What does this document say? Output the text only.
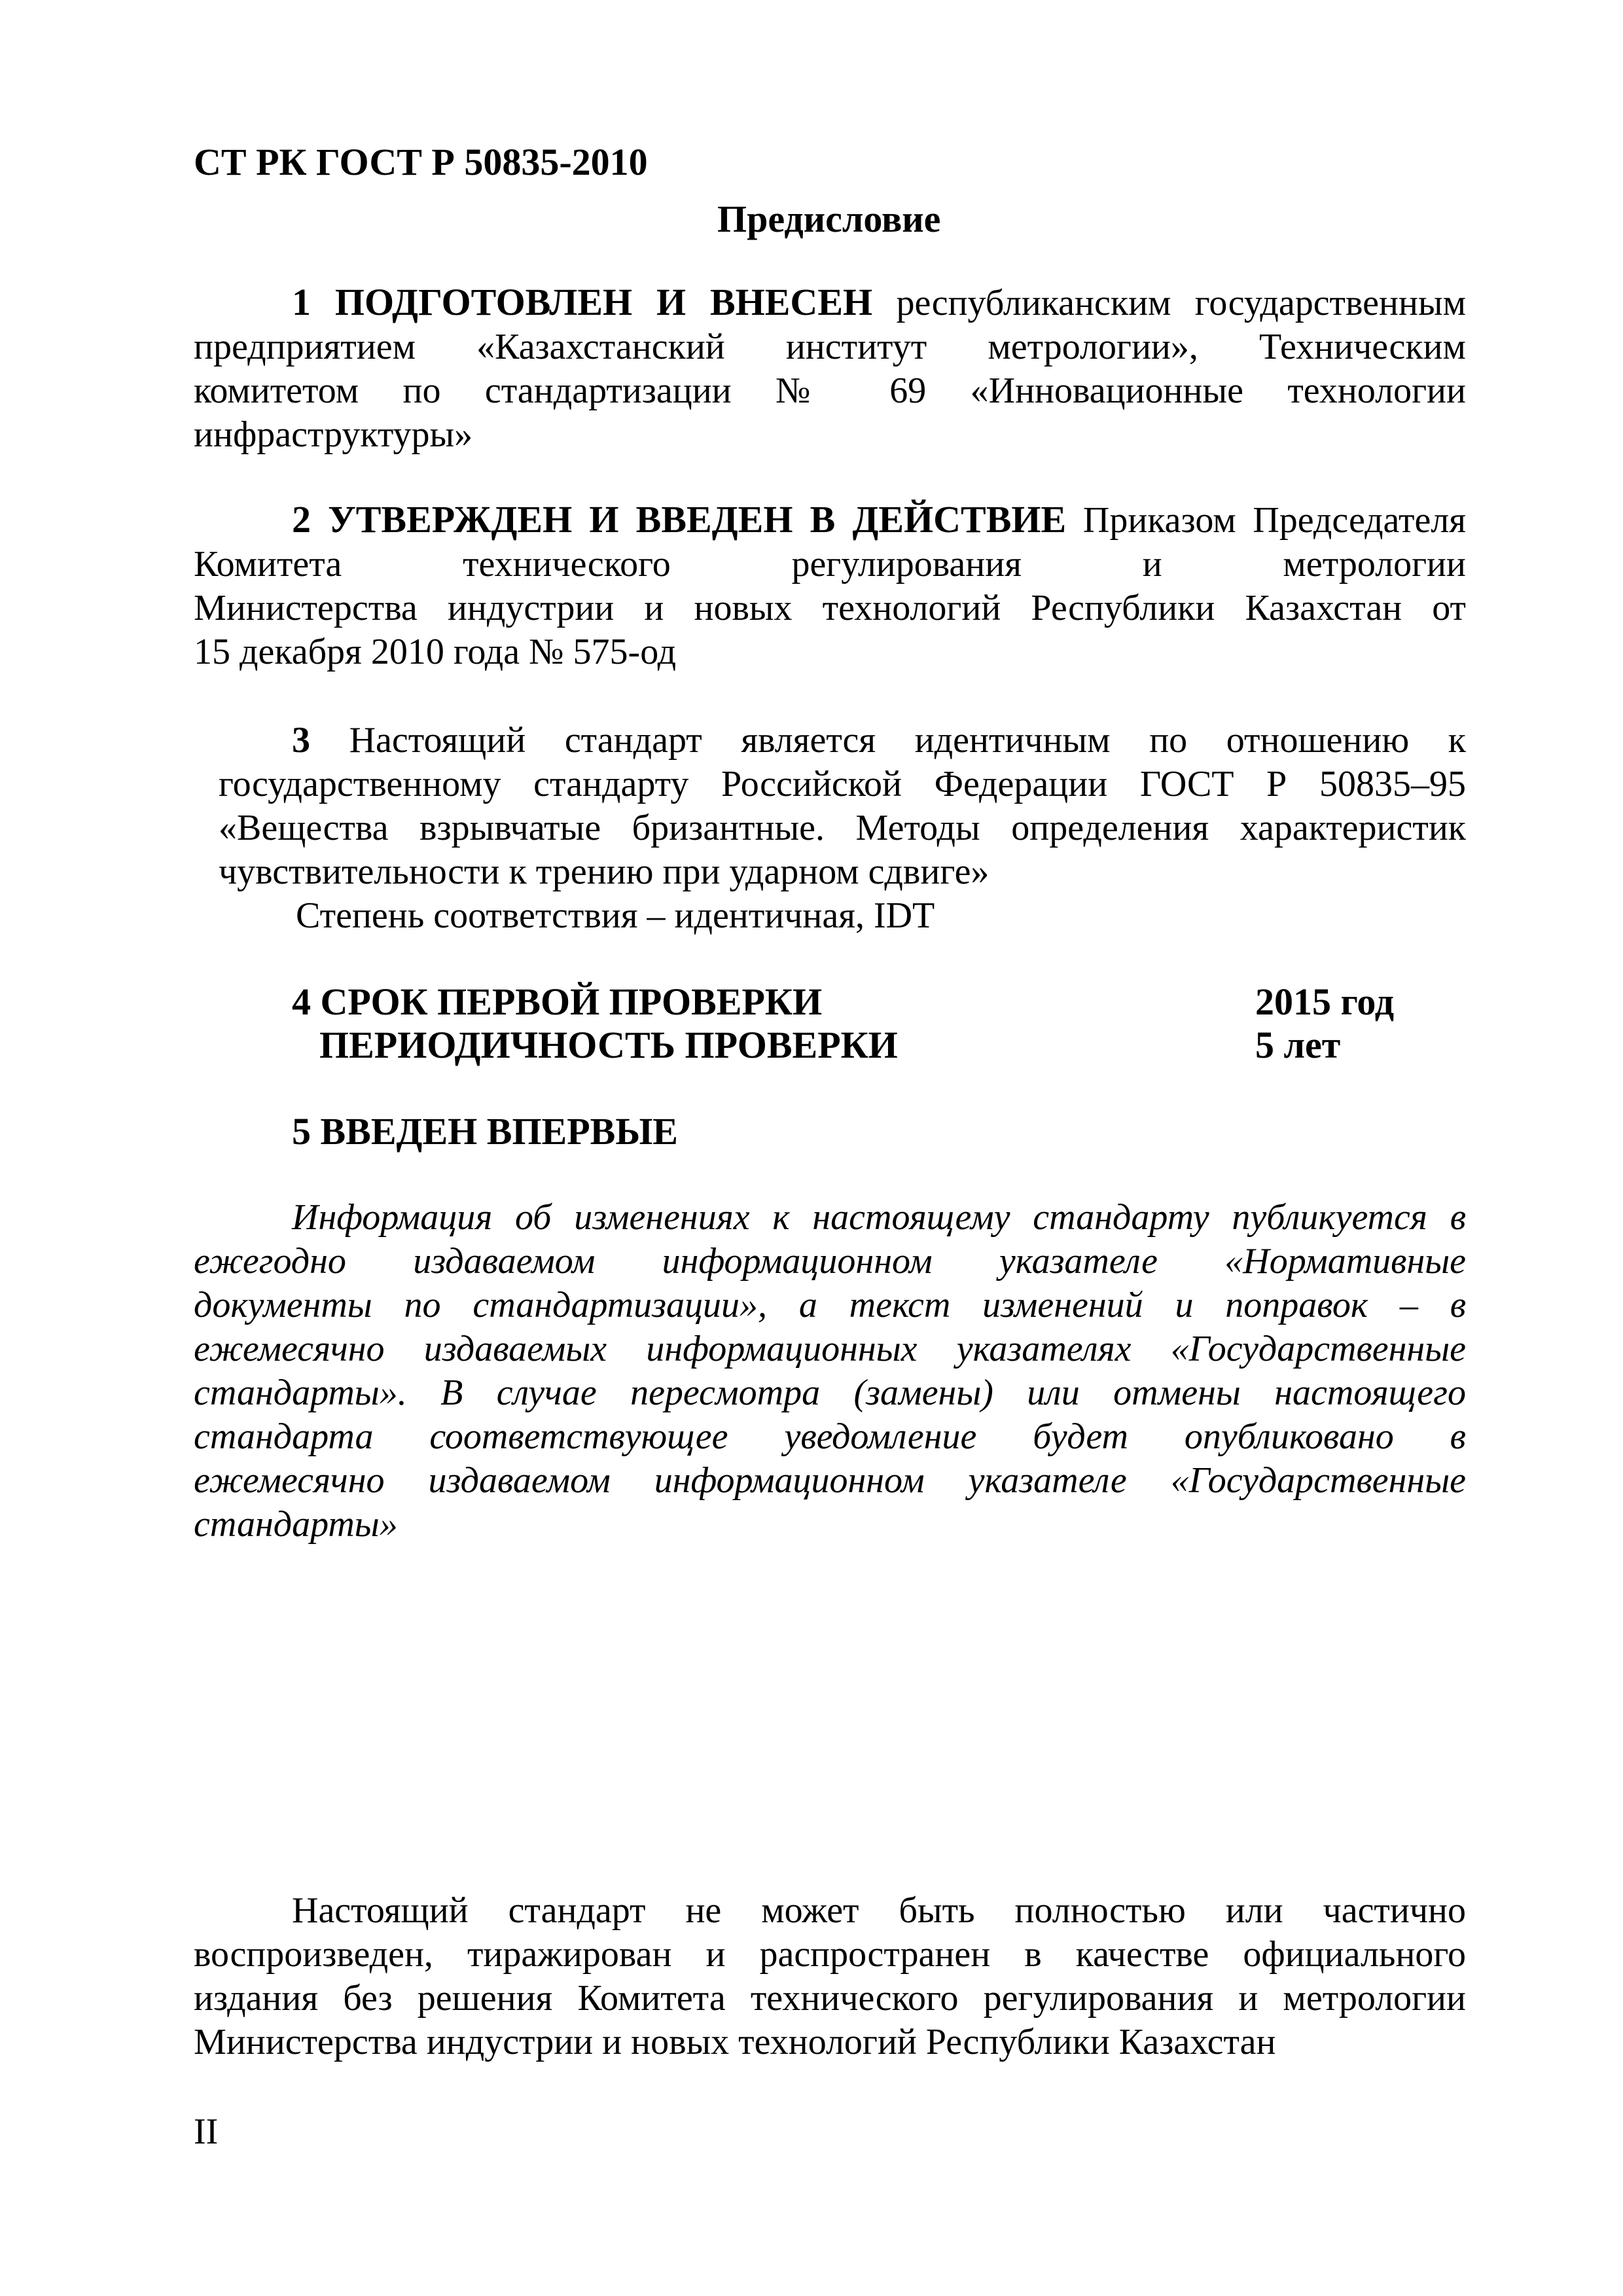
СТ РК ГОСТ Р 50835-2010
Предисловие
1 ПОДГОТОВЛЕН И ВНЕСЕН республиканским государственным
предприятием «Казахстанский институт метрологии», Техническим
комитетом по стандартизации № 69 «Инновационные технологии
инфраструктуры»
2 УТВЕРЖДЕН И ВВЕДЕН В ДЕЙСТВИЕ Приказом Председателя
Комитета технического регулирования и метрологии
Министерства индустрии и новых технологий Республики Казахстан от
15 декабря 2010 года № 575-од
3 Настоящий стандарт является идентичным по отношению к
государственному стандарту Российской Федерации ГОСТ Р 50835–95
«Вещества взрывчатые бризантные. Методы определения характеристик
чувствительности к трению при ударном сдвиге»
Степень соответствия – идентичная, IDT
4 СРОК ПЕРВОЙ ПРОВЕРКИ	2015 год
ПЕРИОДИЧНОСТЬ ПРОВЕРКИ	5 лет
5 ВВЕДЕН ВПЕРВЫЕ
Информация об изменениях к настоящему стандарту публикуется в
ежегодно издаваемом информационном указателе «Нормативные
документы по стандартизации», а текст изменений и поправок – в
ежемесячно издаваемых информационных указателях «Государственные
стандарты». В случае пересмотра (замены) или отмены настоящего
стандарта соответствующее уведомление будет опубликовано в
ежемесячно издаваемом информационном указателе «Государственные
стандарты»
Настоящий стандарт не может быть полностью или частично
воспроизведен, тиражирован и распространен в качестве официального
издания без решения Комитета технического регулирования и метрологии
Министерства индустрии и новых технологий Республики Казахстан
II
